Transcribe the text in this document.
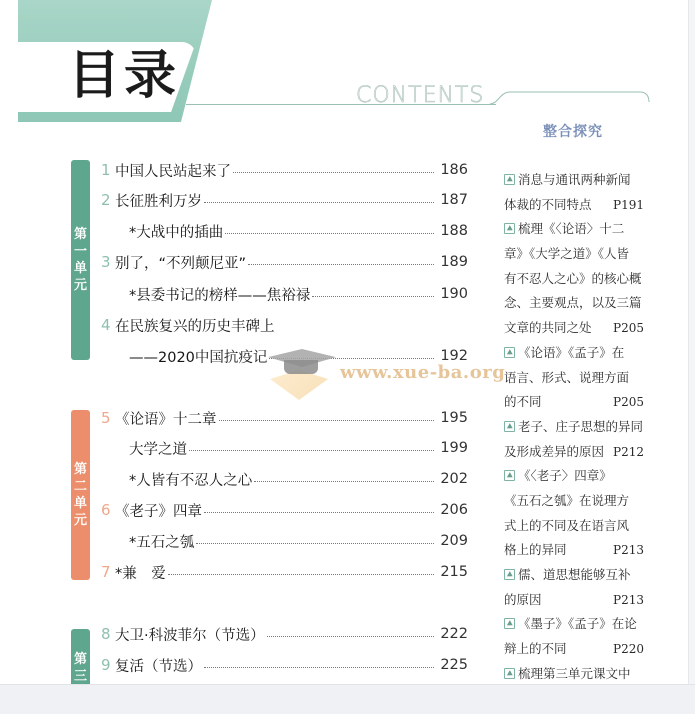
目录	CONTENTS
整合探究
第
一
单
元
第
二
单
元
第
三
1 中国人民站起来了	186
2 长征胜利万岁	187
*大战中的插曲	188
3 别了，“不列颠尼亚”	189
*县委书记的榜样——焦裕禄	190
4 在民族复兴的历史丰碑上
——2020中国抗疫记	192
5 《论语》十二章	195
大学之道	199
*人皆有不忍人之心	202
6 《老子》四章	206
*五石之瓠	209
7 *兼　爱	215
8 大卫·科波菲尔（节选）	222
9 复活（节选）	225
消息与通讯两种新闻
体裁的不同特点 P191
梳理《〈论语〉十二
章》《大学之道》《人皆
有不忍人之心》的核心概
念、主要观点，以及三篇
文章的共同之处 P205
《论语》《孟子》在
语言、形式、说理方面
的不同	P205
老子、庄子思想的异同
及形成差异的原因 P212
《〈老子〉四章》
《五石之瓠》在说理方
式上的不同及在语言风
格上的异同	P213
儒、道思想能够互补
的原因	P213
《墨子》《孟子》在论
辩上的不同	P220
梳理第三单元课文中
www.xue-ba.org
